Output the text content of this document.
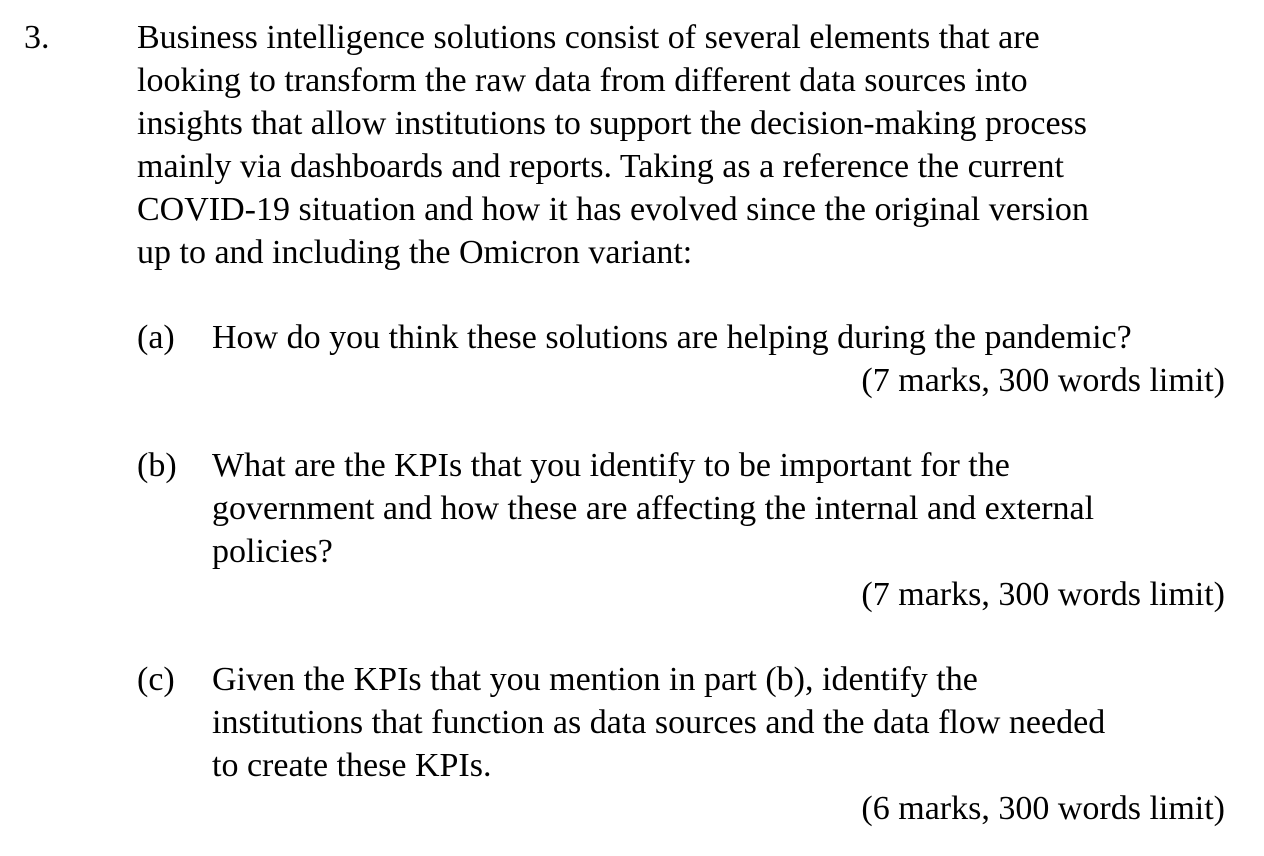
3.	Business intelligence solutions consist of several elements that are
looking to transform the raw data from different data sources into
insights that allow institutions to support the decision-making process
mainly via dashboards and reports. Taking as a reference the current
COVID-19 situation and how it has evolved since the original version
up to and including the Omicron variant:
(a) How do you think these solutions are helping during the pandemic?
(7 marks, 300 words limit)
(b) What are the KPIs that you identify to be important for the
government and how these are affecting the internal and external
policies?
(7 marks, 300 words limit)
(c) Given the KPIs that you mention in part (b), identify the
institutions that function as data sources and the data flow needed
to create these KPIs.
(6 marks, 300 words limit)
